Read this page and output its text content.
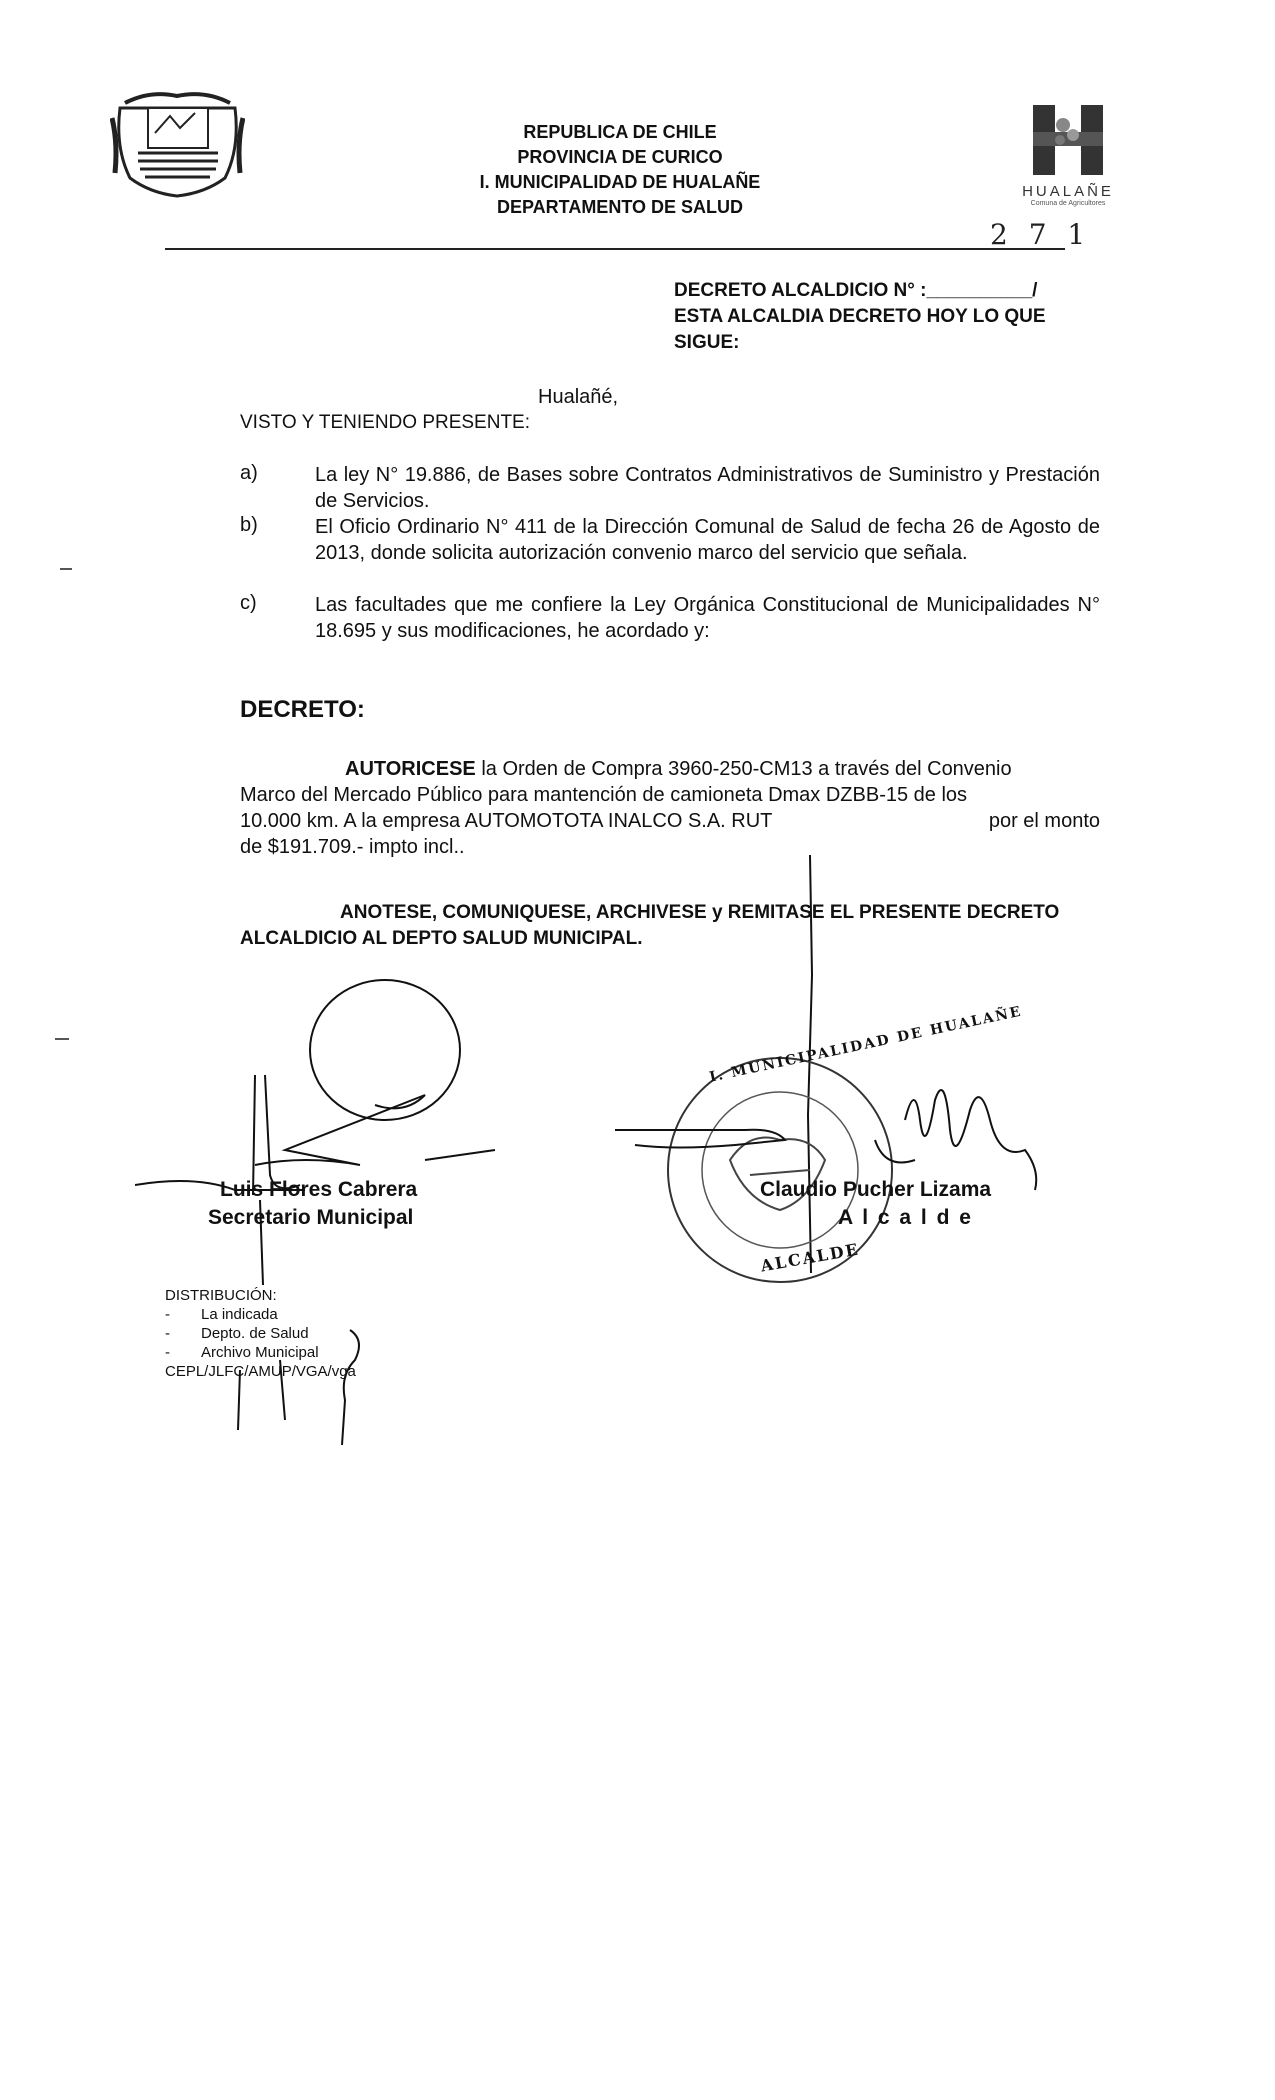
REPUBLICA DE CHILE
PROVINCIA DE CURICO
I. MUNICIPALIDAD DE HUALAÑE
DEPARTAMENTO DE SALUD
HUALAÑE
Comuna de Agricultores
2 7 1
DECRETO ALCALDICIO N° :__________/
ESTA ALCALDIA DECRETO HOY LO QUE
SIGUE:
Hualañé,
VISTO Y TENIENDO PRESENTE:
a)	La ley N° 19.886, de Bases sobre Contratos Administrativos de Suministro y Prestación de Servicios.
b)	El Oficio Ordinario N° 411 de la Dirección Comunal de Salud de fecha 26 de Agosto de 2013, donde solicita autorización convenio marco del servicio que señala.
c)	Las facultades que me confiere la Ley Orgánica Constitucional de Municipalidades N° 18.695 y sus modificaciones, he acordado y:
DECRETO:
AUTORICESE la Orden de Compra 3960-250-CM13 a través del Convenio
Marco del Mercado Público para mantención de camioneta Dmax DZBB-15 de los
10.000 km. A la empresa AUTOMOTOTA INALCO S.A. RUT	por el monto
de $191.709.- impto incl..
ANOTESE, COMUNIQUESE, ARCHIVESE y REMITASE EL PRESENTE DECRETO
ALCALDICIO AL DEPTO SALUD MUNICIPAL.
Luis Flores Cabrera
Secretario Municipal
I. MUNICIPALIDAD DE HUALAÑE
ALCALDE
Claudio Pucher Lizama
A l c a l d e
DISTRIBUCIÓN:
- La indicada
- Depto. de Salud
- Archivo Municipal
CEPL/JLFC/AMUP/VGA/vga
